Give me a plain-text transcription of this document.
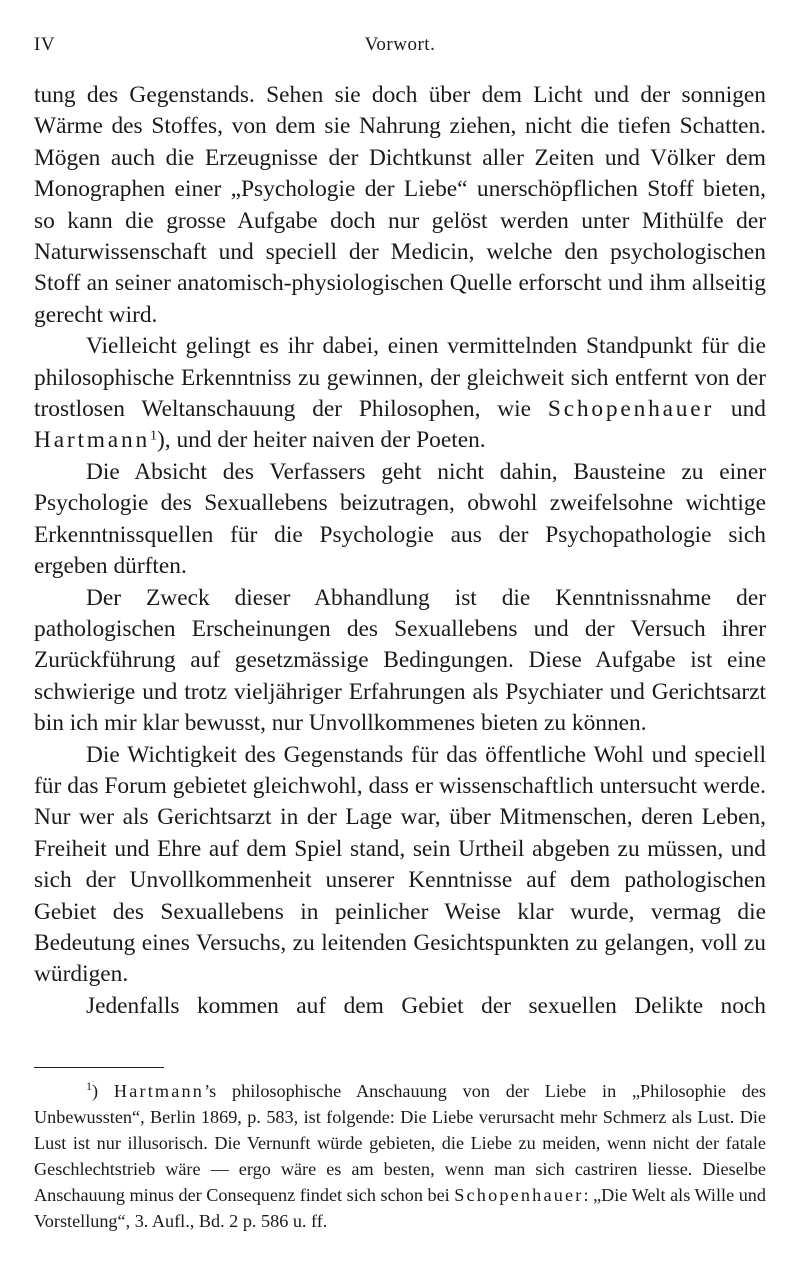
IV	Vorwort.

tung des Gegenstands. Sehen sie doch über dem Licht und der sonnigen Wärme des Stoffes, von dem sie Nahrung ziehen, nicht die tiefen Schatten. Mögen auch die Erzeugnisse der Dichtkunst aller Zeiten und Völker dem Monographen einer „Psychologie der Liebe“ unerschöpflichen Stoff bieten, so kann die grosse Aufgabe doch nur gelöst werden unter Mithülfe der Naturwissenschaft und speciell der Medicin, welche den psychologischen Stoff an seiner anatomisch-physiologischen Quelle erforscht und ihm allseitig gerecht wird.

Vielleicht gelingt es ihr dabei, einen vermittelnden Standpunkt für die philosophische Erkenntniss zu gewinnen, der gleichweit sich entfernt von der trostlosen Weltanschauung der Philosophen, wie Schopenhauer und Hartmann$^1$), und der heiter naiven der Poeten.

Die Absicht des Verfassers geht nicht dahin, Bausteine zu einer Psychologie des Sexuallebens beizutragen, obwohl zweifelsohne wichtige Erkenntnissquellen für die Psychologie aus der Psychopathologie sich ergeben dürften.

Der Zweck dieser Abhandlung ist die Kenntnissnahme der pathologischen Erscheinungen des Sexuallebens und der Versuch ihrer Zurückführung auf gesetzmässige Bedingungen. Diese Aufgabe ist eine schwierige und trotz vieljähriger Erfahrungen als Psychiater und Gerichtsarzt bin ich mir klar bewusst, nur Unvollkommenes bieten zu können.

Die Wichtigkeit des Gegenstands für das öffentliche Wohl und speciell für das Forum gebietet gleichwohl, dass er wissenschaftlich untersucht werde. Nur wer als Gerichtsarzt in der Lage war, über Mitmenschen, deren Leben, Freiheit und Ehre auf dem Spiel stand, sein Urtheil abgeben zu müssen, und sich der Unvollkommenheit unserer Kenntnisse auf dem pathologischen Gebiet des Sexuallebens in peinlicher Weise klar wurde, vermag die Bedeutung eines Versuchs, zu leitenden Gesichtspunkten zu gelangen, voll zu würdigen.

Jedenfalls kommen auf dem Gebiet der sexuellen Delikte noch

$^1$) Hartmann’s philosophische Anschauung von der Liebe in „Philosophie des Unbewussten“, Berlin 1869, p. 583, ist folgende: Die Liebe verursacht mehr Schmerz als Lust. Die Lust ist nur illusorisch. Die Vernunft würde gebieten, die Liebe zu meiden, wenn nicht der fatale Geschlechtstrieb wäre — ergo wäre es am besten, wenn man sich castriren liesse. Dieselbe Anschauung minus der Consequenz findet sich schon bei Schopenhauer: „Die Welt als Wille und Vorstellung“, 3. Aufl., Bd. 2 p. 586 u. ff.
